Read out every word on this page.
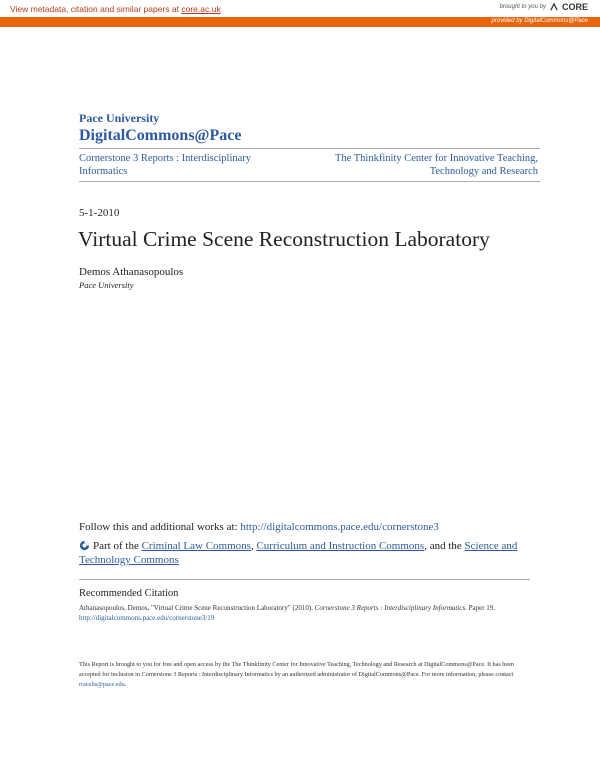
View metadata, citation and similar papers at core.ac.uk	brought to you by CORE
provided by DigitalCommons@Pace
Pace University
DigitalCommons@Pace
Cornerstone 3 Reports : Interdisciplinary Informatics
The Thinkfinity Center for Innovative Teaching, Technology and Research
5-1-2010
Virtual Crime Scene Reconstruction Laboratory
Demos Athanasopoulos
Pace University
Follow this and additional works at: http://digitalcommons.pace.edu/cornerstone3
Part of the Criminal Law Commons, Curriculum and Instruction Commons, and the Science and Technology Commons
Recommended Citation
Athanasopoulos, Demos, "Virtual Crime Scene Reconstruction Laboratory" (2010). Cornerstone 3 Reports : Interdisciplinary Informatics. Paper 19.
http://digitalcommons.pace.edu/cornerstone3/19
This Report is brought to you for free and open access by the The Thinkfinity Center for Innovative Teaching, Technology and Research at DigitalCommons@Pace. It has been accepted for inclusion in Cornerstone 3 Reports : Interdisciplinary Informatics by an authorized administrator of DigitalCommons@Pace. For more information, please contact rracelis@pace.edu.
